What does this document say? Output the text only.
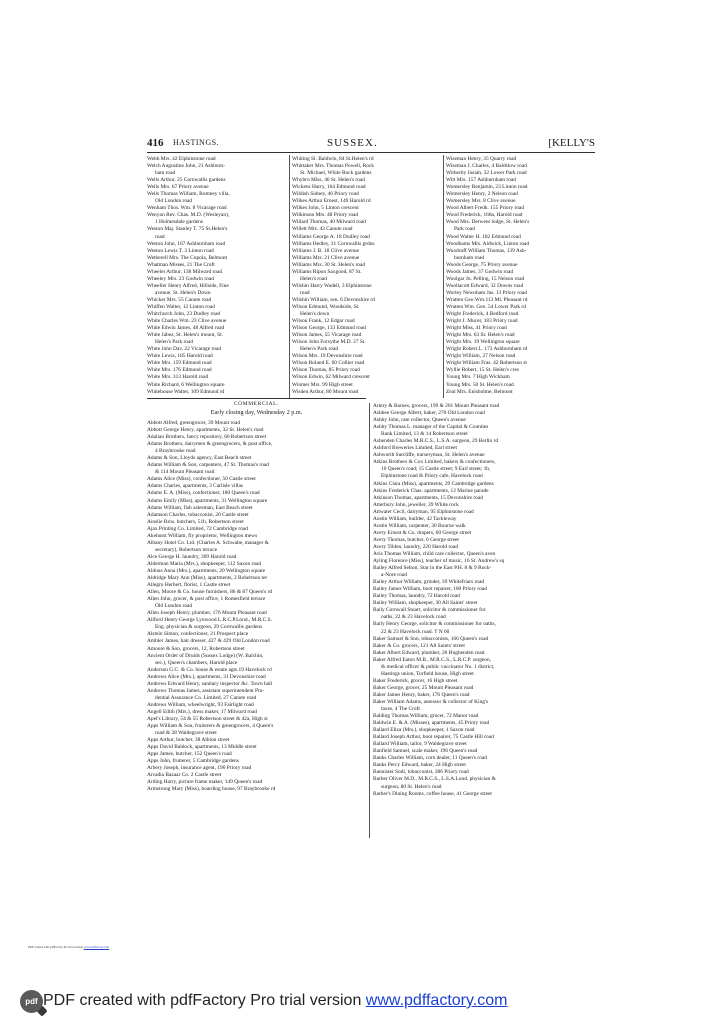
416 HASTINGS.	SUSSEX.	[KELLY'S
Webb Mrs. 42 Elphinstone road
Welch Augustine John, 21 Ashburn-
ham road
Wells Arthur, 25 Cornwallis gardens
Wells Mrs. 67 Priory avenue
Wells Thomas William, Romney villa,
Old London road
Wenham Thos. Wm. 8 Vicarage road
Wenyon Rev. Chas. M.D. (Wesleyan),
1 Holmesdale gardens
Weston Maj. Stanley T. 75 St.Helen's
road
Weston John, 167 Ashburnham road
Weston Lewis T. 3 Linton road
Wetherell Mrs. The Cupola, Belmont
Whatman Misses, 21 The Croft
Wheeler Arthur, 138 Milward road
Wheeley Mrs. 23 Godwin road
Wheeller Henry Alfred, Hillside, Fine
avenue, St. Helen's Down
Whicker Mrs. 55 Canute road
Whiffen Walter, 12 Linton road
Whitchurch John, 23 Dudley road
White Charles Wm. 23 Clive avenue
White Edwin James, 48 Alfred road
White Jabez, St. Helen's mount, St.
Helen's Park road
White John Dav. 22 Vicarage road
White Lewis, 185 Harold road
White Mrs. 159 Edmund road
White Mrs. 176 Edmund road
White Mrs. 313 Harold road
White Richard, 6 Wellington square
Whitehouse Walter, 109 Edmund rd
Whiting Sl. Baldwin, 84 St.Helen's rd
Whittaker Mrs. Thomas Powell, Rock
St. Michael, White Rock gardens
Whybro Miss, 46 St. Helen's road
Wickens Harry, 164 Edmund road
Wildish Sidney, 46 Priory road
Wilkes Arthur Ernest, 149 Harold rd
Wilkes John, 5 Linton crescent
Wilkinson Mrs. 48 Priory road
Willard Thomas, 40 Milward road
Willett Mrs. 43 Canute road
Williams George A. 18 Dudley road
Williams Hedley, 31 Cornwallis grdns
Williams J. B. 18 Clive avenue
Williams Mrs. 21 Clive avenue
Williams Mrs. 30 St. Helen's road
Williams Ripon Saxgood, 87 St.
Helen's road
Wilshin Harry Wadell, 3 Elphinstone
road
Wilshin William, sen. 6 Devonshire rd
Wilson Edmund, Woodside, St.
Helen's down
Wilson Frank, 12 Edgar road
Wilson George, 133 Edmund road
Wilson James, 55 Vicarage road
Wilson John Forsythe M.D. 27 St.
Helen's Park road
Wilson Mrs. 19 Devonshire road
Wilson Roland E. 60 Collier road
Wilson Thomas, 85 Priory road
Wilson Edwin, 62 Milward crescent
Winmer Mrs. 99 High street
Wisden Arthur, 80 Mount road
Wiseman Henry, 35 Quarry road
Wiseman J. Charles, 4 Baldslow road
Witherby Josiah, 32 Lower Park road
Witt Mrs. 157 Ashburnham road
Womersley Benjamin, 23 Linton road
Womersley Henry, 2 Nelson road
Womersley Mrs. 8 Clive avenue
Wood Albert Fredk. 155 Priory road
Wood Frederick, 168a, Harold road
Wood Mrs. Derwent lodge, St. Helen's
Park road
Wood Walter H. 182 Edmund road
Woodhams Mrs. Aldwick, Linton road
Woodruff William Thomas, 139 Ash-
burnham road
Woods George, 75 Priory avenue
Woods James, 37 Godwin road
Woolgar Jn. Pelling, 15 Nelson road
Woollacott Edward, 32 Downs road
Worley Newnham Jas. 13 Priory road
Wratten Geo.Wm.113 Mt. Pleasant rd
Wratten Wm. Geo. 54 Lower Park rd
Wright Frederick, 4 Bedford road
Wright J. Mucer, 183 Priory road
Wright Miss, 41 Priory road
Wright Mrs. 63 St. Helen's road
Wright Mrs. 19 Wellington square
Wright Robert L. 173 Ashburnham rd
Wright William, 27 Nelson road
Wright William Fras. 42 Robertson st
Wyllie Robert, 15 St. Helen's cres
Young Mrs. 7 High Wickham
Young Mrs. 50 St. Helen's road
Zeal Mrs. Enisholme, Belmont
COMMERCIAL.
Early closing day, Wednesday 2 p.m.
Abbott Alfred, greengrocer, 39 Mount road
Abbott George Henry, apartments, 32 St. Helen's road
Adalian Brothers, fancy repository, 60 Robertson street
Adams Brothers, dairymen & greengrocers, & post office,
4 Braybrooke road
Adams & Son, Lloyds agency, East Beach street
Adams William & Son, carpenters, 47 St. Thomas's road
& 114 Mount Pleasant road
Adams Alice (Miss), confectioner, 50 Castle street
Adams Charles, apartments, 3 Carlisle villas
Adams E. A. (Miss), confectioner, 180 Queen's road
Adams Emily (Miss), apartments, 31 Wellington square
Adams William, fish salesman, East Beach street
Adamson Charles, tobacconist, 20 Castle street
Ainslie Bros. butchers, 51b, Robertson street
Ajax Printing Co. Limited, 72 Cambridge road
Akehurst William, fly proprietor, Wellington mews
Albany Hotel Co. Ltd. (Charles A. Schwabe, manager &
secretary), Robertson terrace
Alce George H. laundry, 309 Harold road
Alderman Maria (Mrs.), shopkeeper, 112 Saxon road
Aldous Anna (Mrs.), apartments, 20 Wellington square
Aldridge Mary Ann (Miss), apartments, 2 Robertson ter
Allegro Herbert, florist, 1 Castle street
Allen, Moore & Co. house furnishers, 86 & 87 Queen's rd
Allen John, grocer, & post office, 1 Romesfield terrace
Old London road
Allen Joseph Henry, plumber, 176 Mount Pleasant road
Allford Henry George Lynwood L.R.C.P.Lond., M.R.C.S.
Eng. physician & surgeon, 29 Cornwallis gardens
Alstein Simon, confectioner, 21 Prospect place
Ambler James, hair dresser, 427 & 429 Old London road
Amoore & Son, grocers, 12, Robertson street
Ancient Order of Druids (Sussex Lodge) (W. Balchin,
sec.), Queen's chambers, Harold place
Anderson G.C. & Co. house & estate agts.19 Havelock rd
Andrews Alice (Mrs.), apartments, 31 Devonshire road
Andrews Edward Henry, sanitary inspector &c. Town hall
Andrews Thomas James, assistant superintendent Pru-
dential Assurance Co. Limited, 27 Canute road
Andrews William, wheelwright, 93 Fairlight road
Angell Edith (Mrs.), dress maker, 17 Milward road
Apel's Library, 54 & 55 Robertson street & 42a, High st
Apps William & Son, fruiterers & greengrocers, 4 Queen's
road & 28 Waldegrave street
Apps Arthur, butcher, 38 Albion street
Apps David Baldock, apartments, 13 Middle street
Apps James, butcher, 152 Queen's road
Apps John, fruiterer, 5 Cambridge gardens
Arbery Joseph, insurance agent, 190 Priory road
Arcadia Bazaar Co. 2 Castle street
Arding Harry, picture frame maker, 149 Queen's road
Armstrong Mary (Miss), boarding house, 97 Braybrooke rd
Artery & Barnes, grocers, 199 & 201 Mount Pleasant road
Ashbee George Albert, baker, 270 Old London road
Ashby John, rate collector, Queen's avenue
Ashby Thomas L. manager of the Capital & Counties
Bank Limited, 13 & 14 Robertson street
Ashenden Charles M.R.C.S., L.S.A. surgeon, 29 Berlin rd
Ashford Breweries Limited, Earl street
Ashworth Sutcliffe, nurseryman, St. Helen's avenue
Atkins Brothers & Cox Limited, bakers & confectioners,
10 Queen's road; 15 Castle street; 9 Earl street; 1b,
Elphinstone road & Priory cafe, Havelock road
Atkins Clara (Miss), apartments, 29 Cambridge gardens
Atkins Frederick Chas. apartments, 12 Marine parade
Atkinson Thomas, apartments, 15 Devonshire road
Atterbury John, jeweller, 39 White rock
Attwater Cecil, dairyman, 95 Elphinstone road
Austin William, builder, 42 Tackleway
Austin William, carpenter, 30 Bourne walk
Avery Ernest & Co. drapers, 60 George street
Avery Thomas, butcher, 6 George street
Avery Tilden, laundry, 220 Harold road
Avis Thomas William, child care collector, Queen's aven
Ayling Florence (Miss), teacher of music, 16 St. Andrew's sq
Bailey Alfred Selton, Star in the East P.H. 8 & 9 Rock-
a-Nore road
Bailey Arthur William, grinder, 39 Whitefriars road
Bailey James William, boot repairer, 160 Priory road
Bailey Thomas, laundry, 72 Harold road
Bailey William, shopkeeper, 30 All Saints' street
Baily Cornwall Stuart, solicitor & commissioner for
oaths, 22 & 23 Havelock road
Baily Henry George, solicitor & commissioner for oaths,
22 & 23 Havelock road. T N 60
Baker Samuel & Son, tobacconists, 166 Queen's road
Baker & Co. grocers, 121 All Saints' street
Baker Albert Edward, plumber, 26 Hughenden road
Baker Alfred Eaton M.B., M.R.C.S., L.R.C.P. surgeon,
& medical officer & public vaccinator No. 1 district,
Hastings union, Torfield house, High street
Baker Frederick, grocer, 16 High street
Baker George, grocer, 25 Mount Pleasant road
Baker James Henry, baker, 176 Queen's road
Baker William Adams, assessor & collector of King's
taxes, 4 The Croft
Balding Thomas William, grocer, 72 Manor road
Baldwin E. & A. (Misses), apartments, 45 Priory road
Ballard Eliza (Mrs.), shopkeeper, 1 Saxon road
Ballard Joseph Arthur, boot repairer, 75 Castle Hill road
Ballard William, tailor, 9 Waldegrave street
Banfield Samuel, scale maker, 196 Queen's road
Banks Charles William, corn dealer, 11 Queen's road
Banks Percy Edward, baker, 24 High street
Bannister Sodi, tobacconist, 286 Priory road
Barber Oliver M.D., M.R.C.S., L.S.A.Lond. physician &
surgeon, 80 St. Helen's road
Barber's Dining Rooms, coffee house, 41 George street
PDF created with pdfFactory Pro trial version www.pdffactory.com
pdf PDF created with pdfFactory Pro trial version www.pdffactory.com
